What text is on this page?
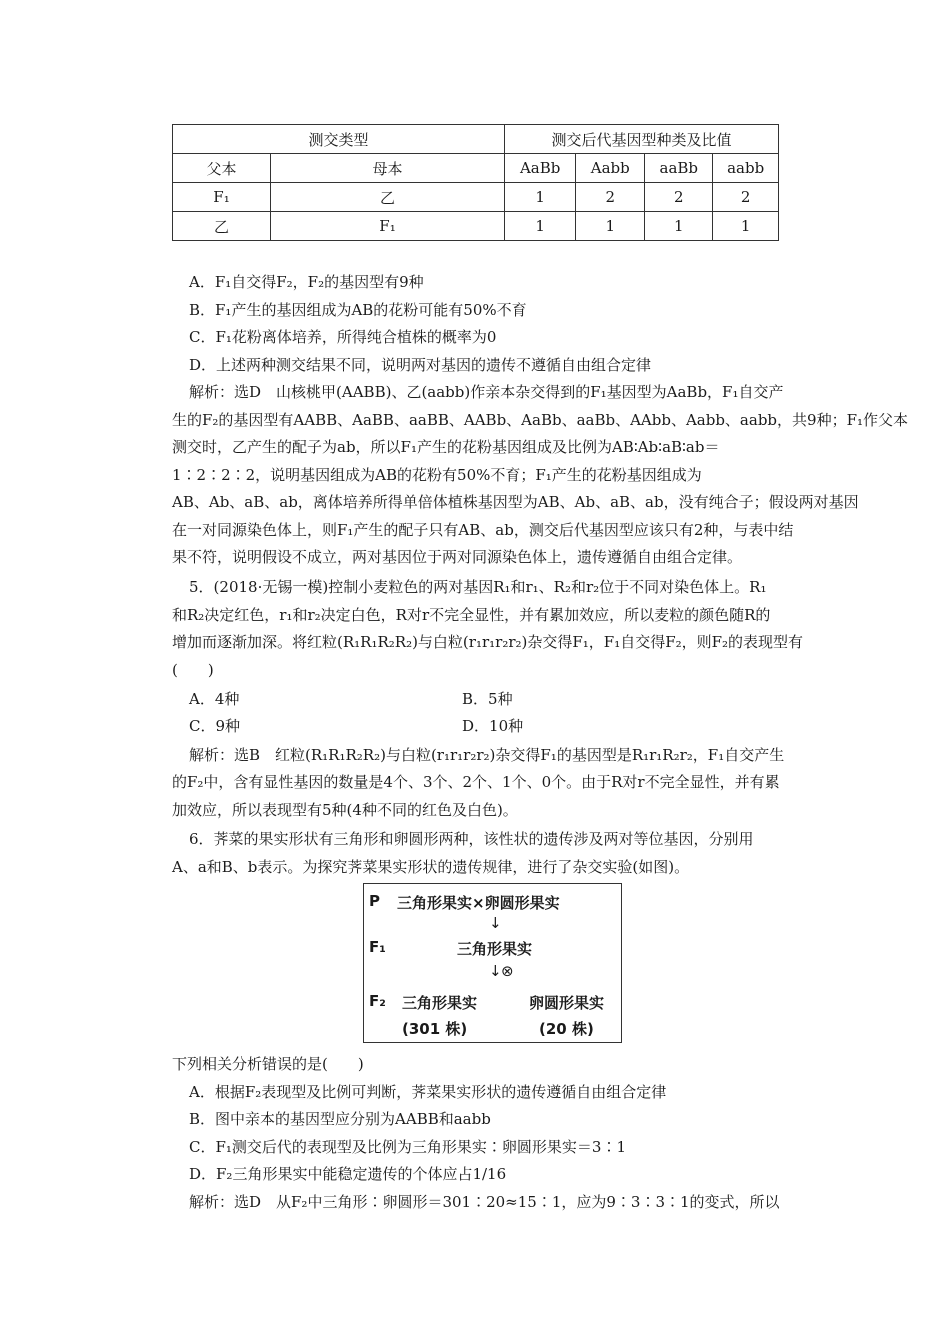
测交类型		测交后代基因型种类及比值			
父本	母本	AaBb	Aabb	aaBb	aabb
F₁	乙	1	2	2	2
乙	F₁	1	1	1	1
A．F₁自交得F₂，F₂的基因型有9种
B．F₁产生的基因组成为AB的花粉可能有50%不育
C．F₁花粉离体培养，所得纯合植株的概率为0
D．上述两种测交结果不同，说明两对基因的遗传不遵循自由组合定律
解析：选D　山核桃甲(AABB)、乙(aabb)作亲本杂交得到的F₁基因型为AaBb，F₁自交产
生的F₂的基因型有AABB、AaBB、aaBB、AABb、AaBb、aaBb、AAbb、Aabb、aabb，共9种；F₁作父本
测交时，乙产生的配子为ab，所以F₁产生的花粉基因组成及比例为AB∶Ab∶aB∶ab＝
1∶2∶2∶2，说明基因组成为AB的花粉有50%不育；F₁产生的花粉基因组成为
AB、Ab、aB、ab，离体培养所得单倍体植株基因型为AB、Ab、aB、ab，没有纯合子；假设两对基因
在一对同源染色体上，则F₁产生的配子只有AB、ab，测交后代基因型应该只有2种，与表中结
果不符，说明假设不成立，两对基因位于两对同源染色体上，遗传遵循自由组合定律。
5．(2018·无锡一模)控制小麦粒色的两对基因R₁和r₁、R₂和r₂位于不同对染色体上。R₁
和R₂决定红色，r₁和r₂决定白色，R对r不完全显性，并有累加效应，所以麦粒的颜色随R的
增加而逐渐加深。将红粒(R₁R₁R₂R₂)与白粒(r₁r₁r₂r₂)杂交得F₁，F₁自交得F₂，则F₂的表现型有
(　　)
A．4种	B．5种
C．9种	D．10种
解析：选B　红粒(R₁R₁R₂R₂)与白粒(r₁r₁r₂r₂)杂交得F₁的基因型是R₁r₁R₂r₂，F₁自交产生
的F₂中，含有显性基因的数量是4个、3个、2个、1个、0个。由于R对r不完全显性，并有累
加效应，所以表现型有5种(4种不同的红色及白色)。
6．荠菜的果实形状有三角形和卵圆形两种，该性状的遗传涉及两对等位基因，分别用
A、a和B、b表示。为探究荠菜果实形状的遗传规律，进行了杂交实验(如图)。
P 三角形果实×卵圆形果实
↓
F₁	三角形果实
↓ ⊗
F₂ 三角形果实	卵圆形果实
(301 株)	(20 株)
下列相关分析错误的是(　　)
A．根据F₂表现型及比例可判断，荠菜果实形状的遗传遵循自由组合定律
B．图中亲本的基因型应分别为AABB和aabb
C．F₁测交后代的表现型及比例为三角形果实∶卵圆形果实＝3∶1
D．F₂三角形果实中能稳定遗传的个体应占1/16
解析：选D　从F₂中三角形∶卵圆形＝301∶20≈15∶1，应为9∶3∶3∶1的变式，所以
